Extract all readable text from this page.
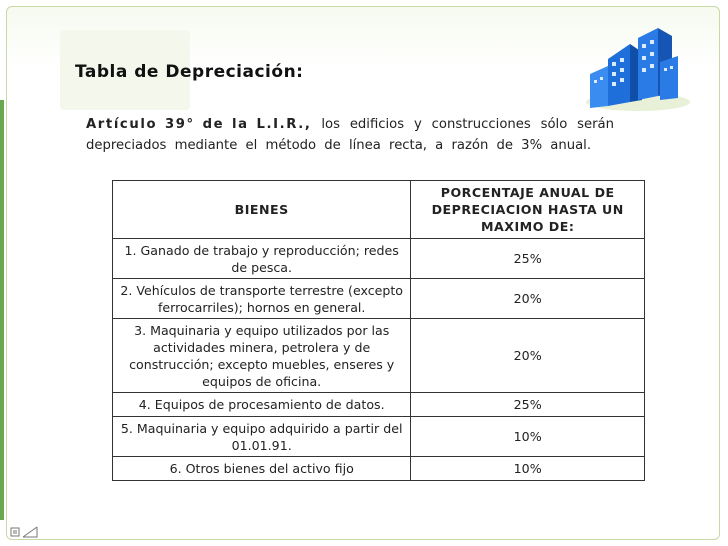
Tabla de Depreciación:
Artículo 39° de la L.I.R., los edificios y construcciones sólo serán depreciados mediante el método de línea recta, a razón de 3% anual.
BIENES	PORCENTAJE ANUAL DE DEPRECIACION HASTA UN MAXIMO DE:
1. Ganado de trabajo y reproducción; redes de pesca.	25%
2. Vehículos de transporte terrestre (excepto ferrocarriles); hornos en general.	20%
3. Maquinaria y equipo utilizados por las actividades minera, petrolera y de construcción; excepto muebles, enseres y equipos de oficina.	20%
4. Equipos de procesamiento de datos.	25%
5. Maquinaria y equipo adquirido a partir del 01.01.91.	10%
6. Otros bienes del activo fijo	10%
